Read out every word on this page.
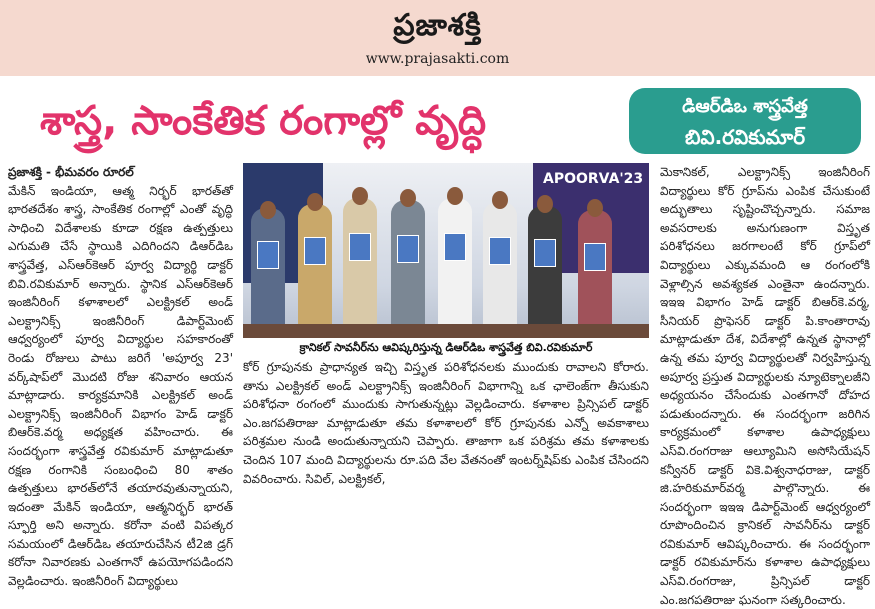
ప్రజాశక్తి
www.prajasakti.com
శాస్త్ర, సాంకేతిక రంగాల్లో వృద్ధి	డిఆర్‌డిఒ శాస్త్రవేత్త
బివి.రవికుమార్

ప్రజాశక్తి - భీమవరం రూరల్

మేకిన్ ఇండియా, ఆత్మ నిర్భర్ భారత్‌తో భారతదేశం శాస్త్ర, సాంకేతిక రంగాల్లో ఎంతో వృద్ధి సాధించి విదేశాలకు కూడా రక్షణ ఉత్పత్తులు ఎగుమతి చేసే స్థాయికి ఎదిగిందని డిఆర్‌డిఒ శాస్త్రవేత్త, ఎస్‌ఆర్‌కెఆర్ పూర్వ విద్యార్థి డాక్టర్ బివి.రవికుమార్ అన్నారు. స్థానిక ఎస్‌ఆర్‌కెఆర్ ఇంజినీరింగ్ కళాశాలలో ఎలక్ట్రికల్ అండ్ ఎలక్ట్రానిక్స్ ఇంజినీరింగ్ డిపార్ట్‌మెంట్ ఆధ్వర్యంలో పూర్వ విద్యార్థుల సహకారంతో రెండు రోజులు పాటు జరిగే 'అపూర్వ 23' వర్క్‌షాప్‌లో మొదటి రోజు శనివారం ఆయన మాట్లాడారు. కార్యక్రమానికి ఎలక్ట్రికల్ అండ్ ఎలక్ట్రానిక్స్ ఇంజినీరింగ్ విభాగం హెడ్ డాక్టర్ బిఆర్‌కె.వర్మ అధ్యక్షత వహించారు. ఈ సందర్భంగా శాస్త్రవేత్త రవికుమార్ మాట్లాడుతూ రక్షణ రంగానికి సంబంధించి 80 శాతం ఉత్పత్తులు భారత్‌లోనే తయారవుతున్నాయని, ఇదంతా మేకిన్ ఇండియా, ఆత్మనిర్భర్ భారత్ స్ఫూర్తి అని అన్నారు. కరోనా వంటి విపత్కర సమయంలో డిఆర్‌డిఒ తయారుచేసిన టీ2జి డ్రగ్ కరోనా నివారణకు ఎంతగానో ఉపయోగపడిందని వెల్లడించారు. ఇంజినీరింగ్ విద్యార్థులు

APOORVA'23
క్రానికల్ సావనీర్‌ను ఆవిష్కరిస్తున్న డిఆర్‌డిఒ శాస్త్రవేత్త బివి.రవికుమార్

కోర్ గ్రూపునకు ప్రాధాన్యత ఇచ్చి విస్తృత పరిశోధనలకు ముందుకు రావాలని కోరారు. తాను ఎలక్ట్రికల్ అండ్ ఎలక్ట్రానిక్స్ ఇంజినీరింగ్ విభాగాన్ని ఒక ఛాలెంజ్‌గా తీసుకుని పరిశోధనా రంగంలో ముందుకు సాగుతున్నట్లు వెల్లడించారు. కళాశాల ప్రిన్సిపల్ డాక్టర్ ఎం.జగపతిరాజు మాట్లాడుతూ తమ కళాశాలలో కోర్ గ్రూపునకు ఎన్నో అవకాశాలు పరిశ్రమల నుండి అందుతున్నాయని చెప్పారు. తాజాగా ఒక పరిశ్రమ తమ కళాశాలకు చెందిన 107 మంది విద్యార్థులను రూ.పది వేల వేతనంతో ఇంటర్న్‌షిప్‌కు ఎంపిక చేసిందని వివరించారు. సివిల్, ఎలక్ట్రికల్,

మెకానికల్, ఎలక్ట్రానిక్స్ ఇంజినీరింగ్ విద్యార్థులు కోర్ గ్రూప్‌ను ఎంపిక చేసుకుంటే అద్భుతాలు సృష్టించొచ్చన్నారు. సమాజ అవసరాలకు అనుగుణంగా విస్తృత పరిశోధనలు జరగాలంటే కోర్ గ్రూప్‌లో విద్యార్థులు ఎక్కువమంది ఆ రంగంలోకి వెళ్లాల్సిన అవశ్యకత ఎంతైనా ఉందన్నారు. ఇఇఇ విభాగం హెడ్ డాక్టర్ బిఆర్‌కె.వర్మ, సీనియర్ ప్రొఫెసర్ డాక్టర్ పి.కాంతారావు మాట్లాడుతూ దేశ, విదేశాల్లో ఉన్నత స్థానాల్లో ఉన్న తమ పూర్వ విద్యార్థులతో నిర్వహిస్తున్న అపూర్వ ప్రస్తుత విద్యార్థులకు న్యూటెక్నాలజీని అధ్యయనం చేసేందుకు ఎంతగానో దోహద పడుతుందన్నారు. ఈ సందర్భంగా జరిగిన కార్యక్రమంలో కళాశాల ఉపాధ్యక్షులు ఎస్‌వి.రంగరాజు ఆల్యూమిని అసోసియేషన్ కన్వీనర్ డాక్టర్ వికె.విశ్వనాధరాజు, డాక్టర్ జి.హరికుమార్‌వర్మ పాల్గొన్నారు. ఈ సందర్భంగా ఇఇఇ డిపార్ట్‌మెంట్ ఆధ్వర్యంలో రూపొందించిన క్రానికల్ సావనీర్‌ను డాక్టర్ రవికుమార్ ఆవిష్కరించారు. ఈ సందర్భంగా డాక్టర్ రవికుమార్‌ను కళాశాల ఉపాధ్యక్షులు ఎస్‌వి.రంగరాజు, ప్రిన్సిపల్ డాక్టర్ ఎం.జగపతిరాజు ఘనంగా సత్కరించారు.
